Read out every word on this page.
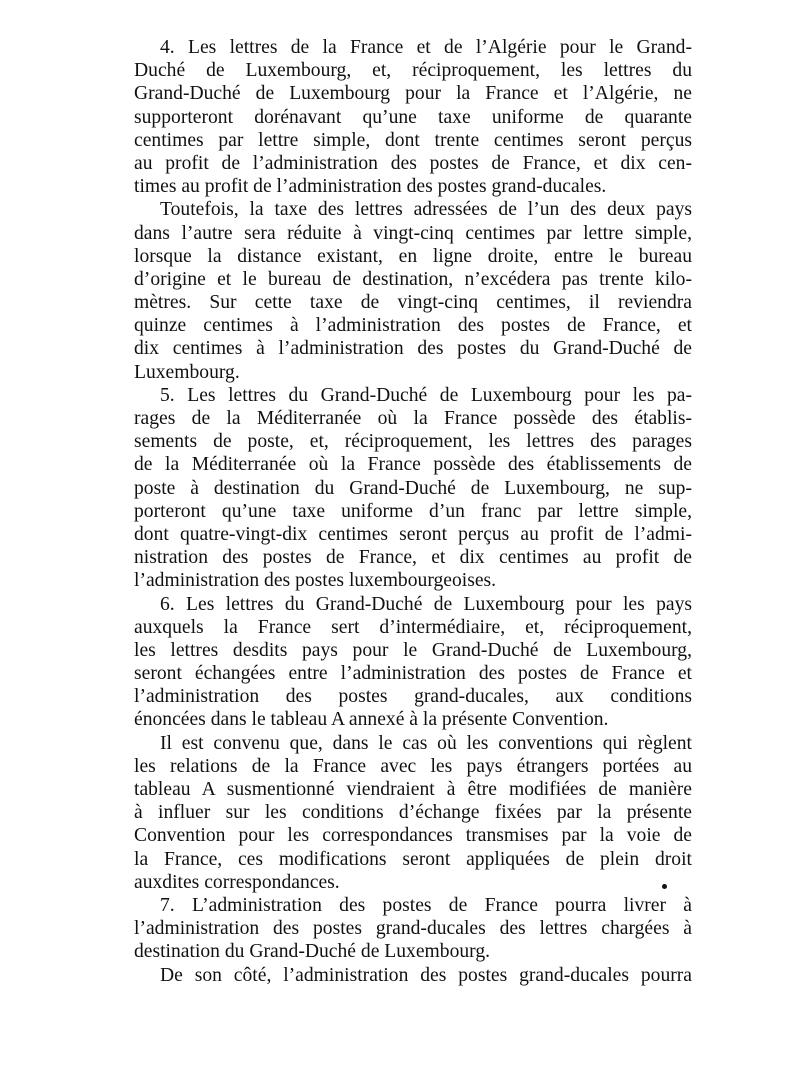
4. Les lettres de la France et de l’Algérie pour le Grand-
Duché de Luxembourg, et, réciproquement, les lettres du
Grand-Duché de Luxembourg pour la France et l’Algérie, ne
supporteront dorénavant qu’une taxe uniforme de quarante
centimes par lettre simple, dont trente centimes seront perçus
au profit de l’administration des postes de France, et dix cen-
times au profit de l’administration des postes grand-ducales.
Toutefois, la taxe des lettres adressées de l’un des deux pays
dans l’autre sera réduite à vingt-cinq centimes par lettre simple,
lorsque la distance existant, en ligne droite, entre le bureau
d’origine et le bureau de destination, n’excédera pas trente kilo-
mètres. Sur cette taxe de vingt-cinq centimes, il reviendra
quinze centimes à l’administration des postes de France, et
dix centimes à l’administration des postes du Grand-Duché de
Luxembourg.
5. Les lettres du Grand-Duché de Luxembourg pour les pa-
rages de la Méditerranée où la France possède des établis-
sements de poste, et, réciproquement, les lettres des parages
de la Méditerranée où la France possède des établissements de
poste à destination du Grand-Duché de Luxembourg, ne sup-
porteront qu’une taxe uniforme d’un franc par lettre simple,
dont quatre-vingt-dix centimes seront perçus au profit de l’admi-
nistration des postes de France, et dix centimes au profit de
l’administration des postes luxembourgeoises.
6. Les lettres du Grand-Duché de Luxembourg pour les pays
auxquels la France sert d’intermédiaire, et, réciproquement,
les lettres desdits pays pour le Grand-Duché de Luxembourg,
seront échangées entre l’administration des postes de France et
l’administration des postes grand-ducales, aux conditions
énoncées dans le tableau A annexé à la présente Convention.
Il est convenu que, dans le cas où les conventions qui règlent
les relations de la France avec les pays étrangers portées au
tableau A susmentionné viendraient à être modifiées de manière
à influer sur les conditions d’échange fixées par la présente
Convention pour les correspondances transmises par la voie de
la France, ces modifications seront appliquées de plein droit
auxdites correspondances.
7. L’administration des postes de France pourra livrer à
l’administration des postes grand-ducales des lettres chargées à
destination du Grand-Duché de Luxembourg.
De son côté, l’administration des postes grand-ducales pourra
